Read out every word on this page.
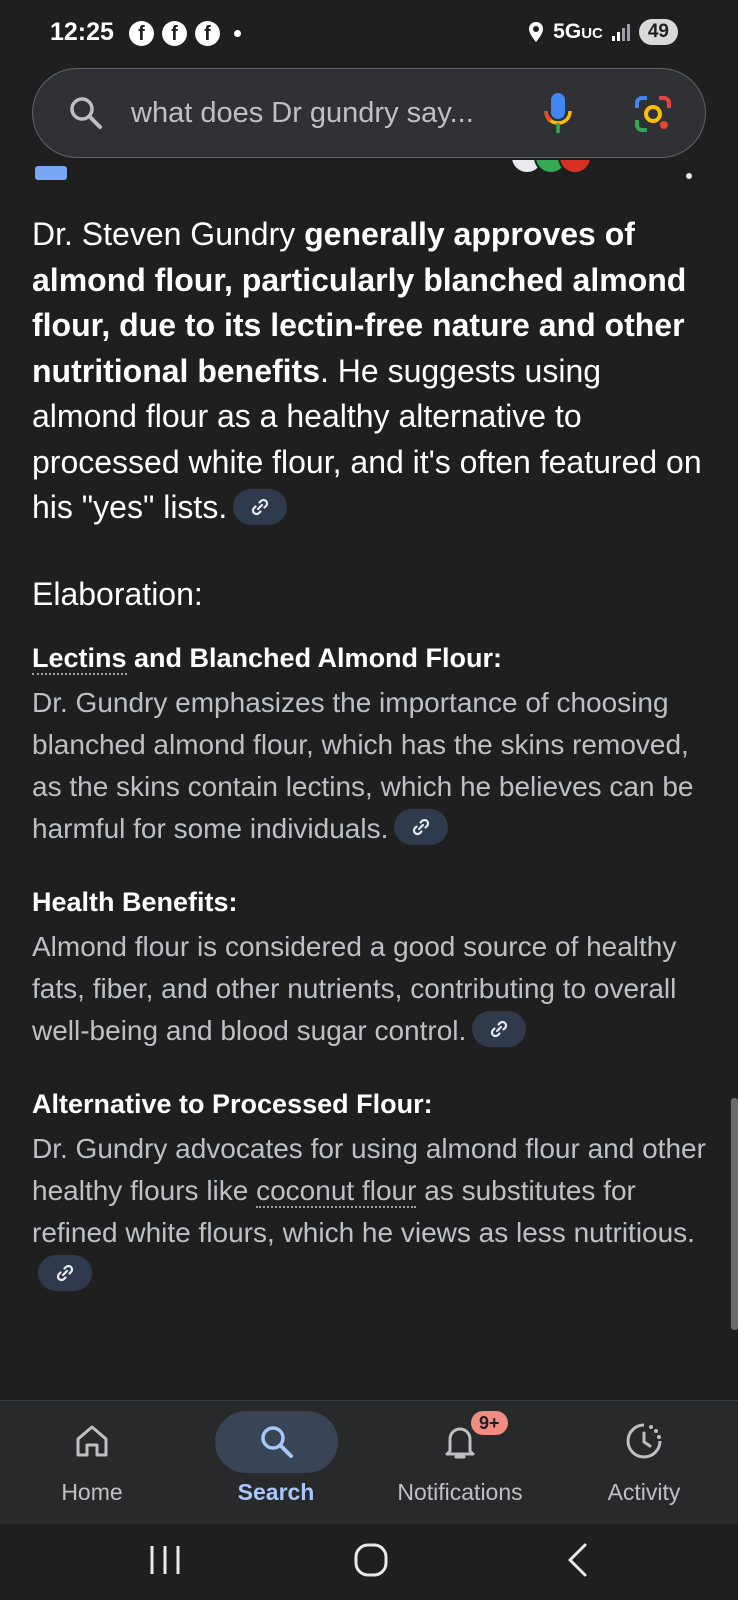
12:25	f	f	f	5GUC	49
what does Dr gundry say...

Dr. Steven Gundry generally approves of almond flour, particularly blanched almond flour, due to its lectin-free nature and other nutritional benefits. He suggests using almond flour as a healthy alternative to processed white flour, and it's often featured on his "yes" lists.

Elaboration:
Lectins and Blanched Almond Flour:

Dr. Gundry emphasizes the importance of choosing blanched almond flour, which has the skins removed, as the skins contain lectins, which he believes can be harmful for some individuals.

Health Benefits:

Almond flour is considered a good source of healthy fats, fiber, and other nutrients, contributing to overall well-being and blood sugar control.

Alternative to Processed Flour:

Dr. Gundry advocates for using almond flour and other healthy flours like coconut flour as substitutes for refined white flours, which he views as less nutritious.

Home	Search
9+
Notifications	Activity
